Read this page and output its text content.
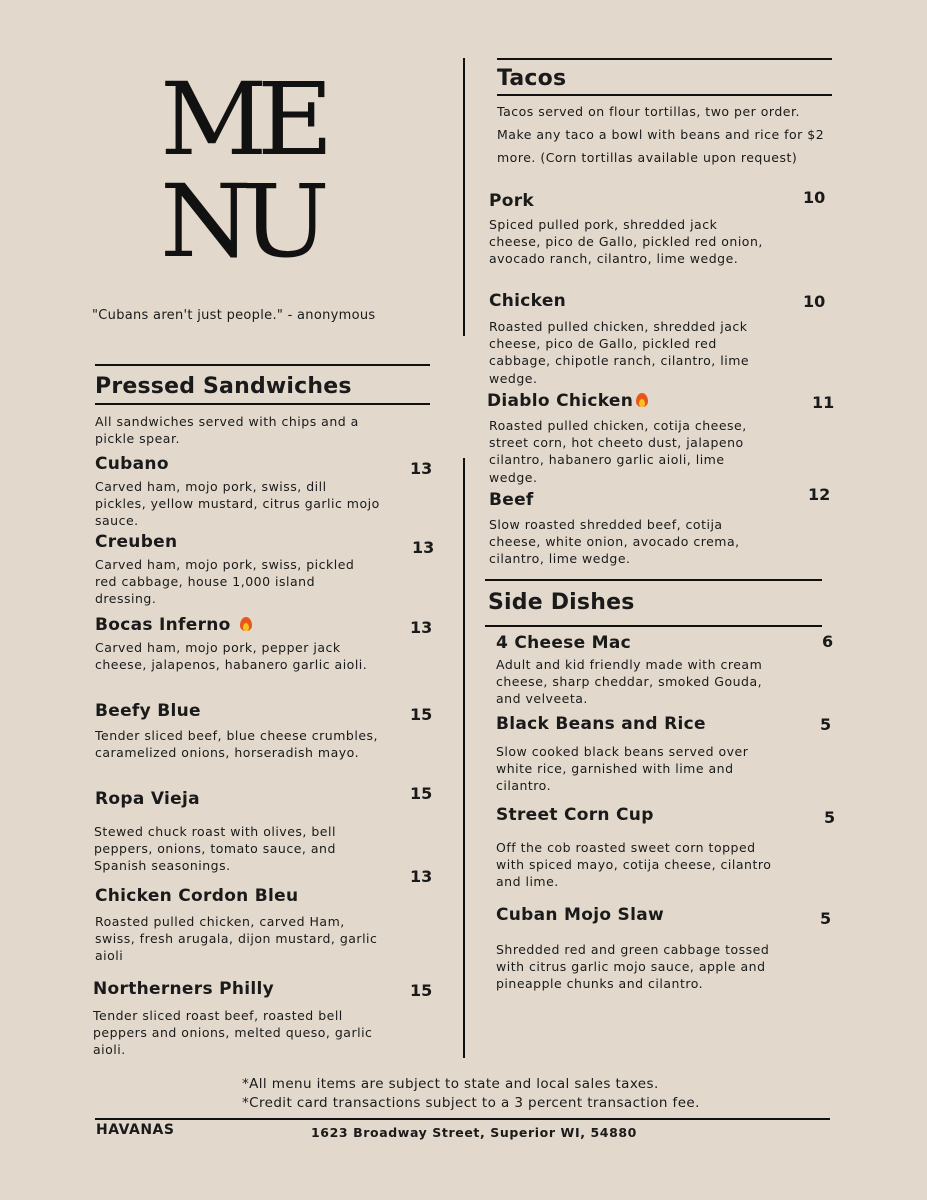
ME
NU
"Cubans aren't just people." - anonymous
Pressed Sandwiches
All sandwiches served with chips and a pickle spear.
Cubano	13
Carved ham, mojo pork, swiss, dill pickles, yellow mustard, citrus garlic mojo sauce.
Creuben	13
Carved ham, mojo pork, swiss, pickled red cabbage, house 1,000 island dressing.
Bocas Inferno	13
Carved ham, mojo pork, pepper jack cheese, jalapenos, habanero garlic aioli.
Beefy Blue	15
Tender sliced beef, blue cheese crumbles, caramelized onions, horseradish mayo.
Ropa Vieja	15
Stewed chuck roast with olives, bell peppers, onions, tomato sauce, and Spanish seasonings.
Chicken Cordon Bleu
13
Roasted pulled chicken, carved Ham, swiss, fresh arugala, dijon mustard, garlic aioli
Northerners Philly	15
Tender sliced roast beef, roasted bell peppers and onions, melted queso, garlic aioli.
Tacos
Tacos served on flour tortillas, two per order. Make any taco a bowl with beans and rice for $2 more. (Corn tortillas available upon request)
Pork	10
Spiced pulled pork, shredded jack cheese, pico de Gallo, pickled red onion, avocado ranch, cilantro, lime wedge.
Chicken	10
Roasted pulled chicken, shredded jack cheese, pico de Gallo, pickled red cabbage, chipotle ranch, cilantro, lime wedge.
Diablo Chicken	11
Roasted pulled chicken, cotija cheese, street corn, hot cheeto dust, jalapeno cilantro, habanero garlic aioli, lime wedge.
Beef	12
Slow roasted shredded beef, cotija cheese, white onion, avocado crema, cilantro, lime wedge.
Side Dishes
4 Cheese Mac	6
Adult and kid friendly made with cream cheese, sharp cheddar, smoked Gouda, and velveeta.
Black Beans and Rice	5
Slow cooked black beans served over white rice, garnished with lime and cilantro.
Street Corn Cup	5
Off the cob roasted sweet corn topped with spiced mayo, cotija cheese, cilantro and lime.
Cuban Mojo Slaw	5
Shredded red and green cabbage tossed with citrus garlic mojo sauce, apple and pineapple chunks and cilantro.
*All menu items are subject to state and local sales taxes.
*Credit card transactions subject to a 3 percent transaction fee.
HAVANAS	1623 Broadway Street, Superior WI, 54880
